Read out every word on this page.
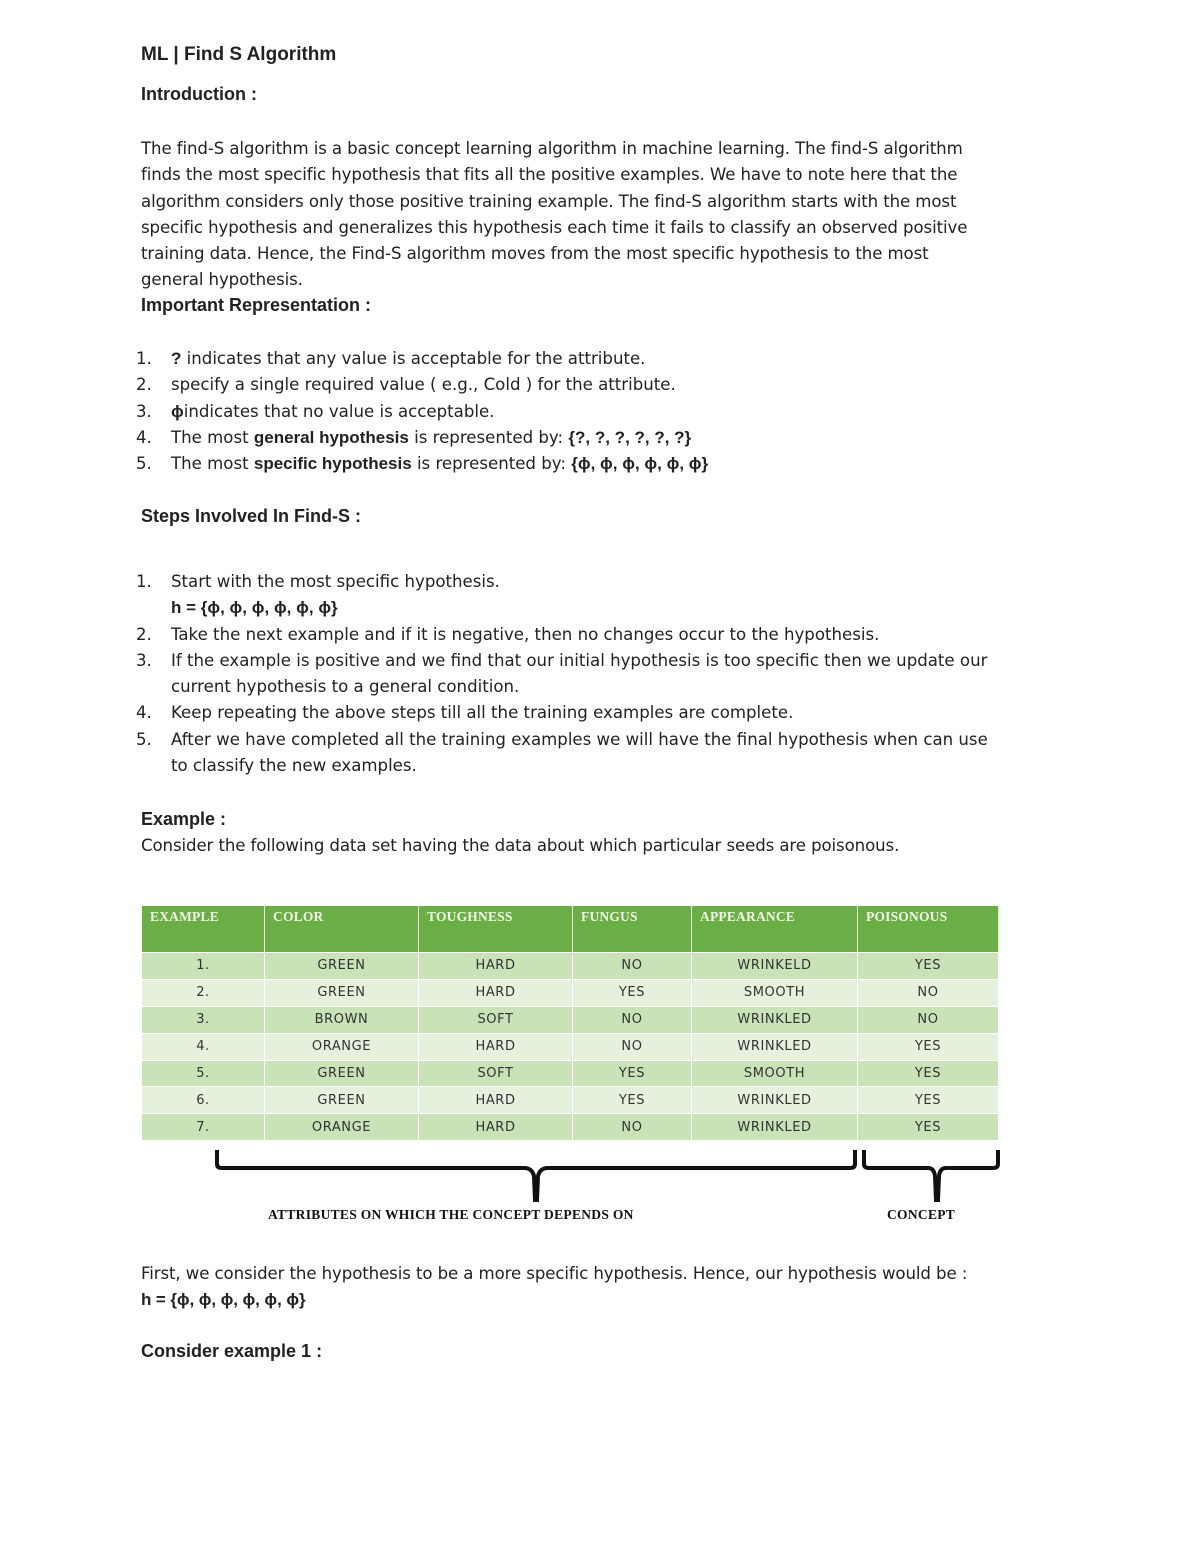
ML | Find S Algorithm
Introduction :
The find-S algorithm is a basic concept learning algorithm in machine learning. The find-S algorithm
finds the most specific hypothesis that fits all the positive examples. We have to note here that the
algorithm considers only those positive training example. The find-S algorithm starts with the most
specific hypothesis and generalizes this hypothesis each time it fails to classify an observed positive
training data. Hence, the Find-S algorithm moves from the most specific hypothesis to the most
general hypothesis.
Important Representation :
1. ? indicates that any value is acceptable for the attribute.
2. specify a single required value ( e.g., Cold ) for the attribute.
3. ϕindicates that no value is acceptable.
4. The most general hypothesis is represented by: {?, ?, ?, ?, ?, ?}
5. The most specific hypothesis is represented by: {ϕ, ϕ, ϕ, ϕ, ϕ, ϕ}
Steps Involved In Find-S :
1. Start with the most specific hypothesis.
h = {ϕ, ϕ, ϕ, ϕ, ϕ, ϕ}
2. Take the next example and if it is negative, then no changes occur to the hypothesis.
3. If the example is positive and we find that our initial hypothesis is too specific then we update our
current hypothesis to a general condition.
4. Keep repeating the above steps till all the training examples are complete.
5. After we have completed all the training examples we will have the final hypothesis when can use
to classify the new examples.
Example :
Consider the following data set having the data about which particular seeds are poisonous.
EXAMPLE	COLOR	TOUGHNESS	FUNGUS	APPEARANCE	POISONOUS
1.	GREEN	HARD	NO	WRINKELD	YES
2.	GREEN	HARD	YES	SMOOTH	NO
3.	BROWN	SOFT	NO	WRINKLED	NO
4.	ORANGE	HARD	NO	WRINKLED	YES
5.	GREEN	SOFT	YES	SMOOTH	YES
6.	GREEN	HARD	YES	WRINKLED	YES
7.	ORANGE	HARD	NO	WRINKLED	YES
ATTRIBUTES ON WHICH THE CONCEPT DEPENDS ON	CONCEPT
First, we consider the hypothesis to be a more specific hypothesis. Hence, our hypothesis would be :
h = {ϕ, ϕ, ϕ, ϕ, ϕ, ϕ}
Consider example 1 :
